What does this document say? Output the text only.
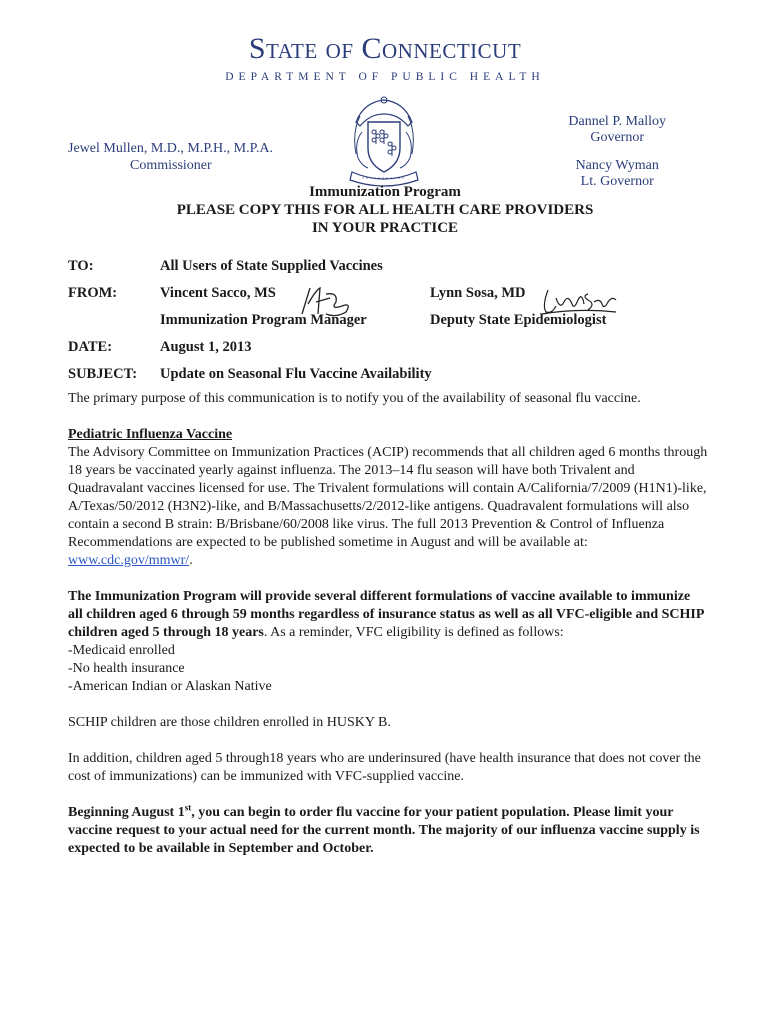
State of Connecticut
DEPARTMENT OF PUBLIC HEALTH
Jewel Mullen, M.D., M.P.H., M.P.A.
Commissioner
Dannel P. Malloy
Governor
Nancy Wyman
Lt. Governor
Immunization Program
PLEASE COPY THIS FOR ALL HEALTH CARE PROVIDERS
IN YOUR PRACTICE
TO:	All Users of State Supplied Vaccines
FROM:	Vincent Sacco, MS
Immunization Program Manager
Lynn Sosa, MD
Deputy State Epidemiologist
DATE:	August 1, 2013
SUBJECT: Update on Seasonal Flu Vaccine Availability

The primary purpose of this communication is to notify you of the availability of seasonal flu vaccine.

Pediatric Influenza Vaccine

The Advisory Committee on Immunization Practices (ACIP) recommends that all children aged 6 months through 18 years be vaccinated yearly against influenza. The 2013–14 flu season will have both Trivalent and Quadravalant vaccines licensed for use. The Trivalent formulations will contain A/California/7/2009 (H1N1)-like, A/Texas/50/2012 (H3N2)-like, and B/Massachusetts/2/2012-like antigens. Quadravalent formulations will also contain a second B strain: B/Brisbane/60/2008 like virus. The full 2013 Prevention & Control of Influenza Recommendations are expected to be published sometime in August and will be available at: www.cdc.gov/mmwr/.

The Immunization Program will provide several different formulations of vaccine available to immunize all children aged 6 through 59 months regardless of insurance status as well as all VFC-eligible and SCHIP children aged 5 through 18 years. As a reminder, VFC eligibility is defined as follows:

-Medicaid enrolled

-No health insurance

-American Indian or Alaskan Native

SCHIP children are those children enrolled in HUSKY B.

In addition, children aged 5 through18 years who are underinsured (have health insurance that does not cover the cost of immunizations) can be immunized with VFC-supplied vaccine.

Beginning August 1st, you can begin to order flu vaccine for your patient population. Please limit your vaccine request to your actual need for the current month. The majority of our influenza vaccine supply is expected to be available in September and October.
